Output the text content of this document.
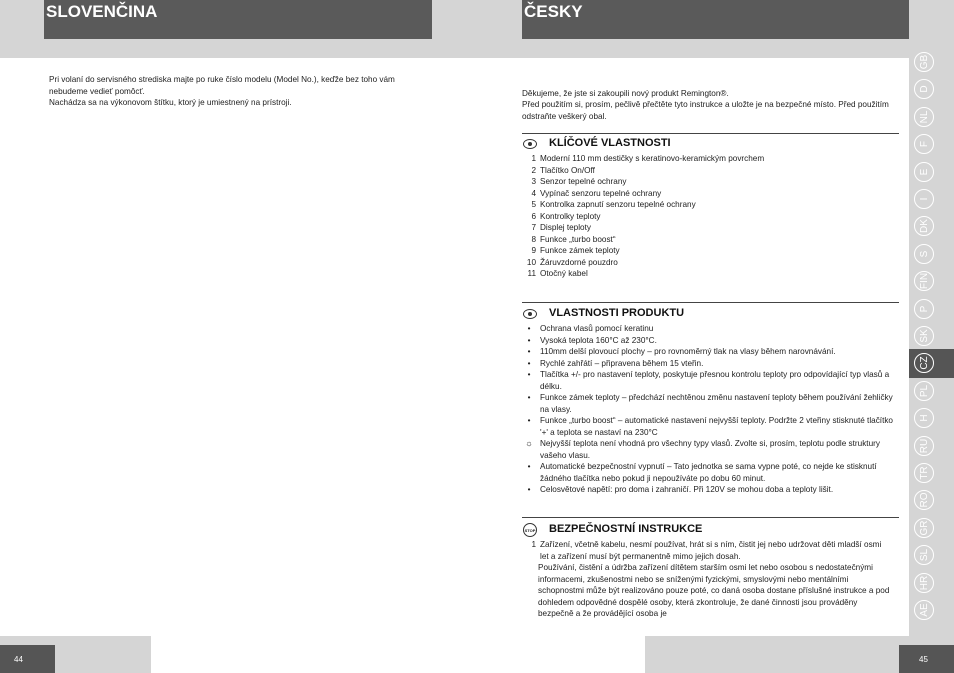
SLOVENČINA	ČESKY
Pri volaní do servisného strediska majte po ruke číslo modelu (Model No.), keďže bez toho vám nebudeme vedieť pomôcť.
Nachádza sa na výkonovom štítku, ktorý je umiestnený na prístroji.
Děkujeme, že jste si zakoupili nový produkt Remington®.
Před použitím si, prosím, pečlivě přečtěte tyto instrukce a uložte je na bezpečné místo. Před použitím odstraňte veškerý obal.
KLÍČOVÉ VLASTNOSTI
1 Moderní 110 mm destičky s keratinovo-keramickým povrchem
2 Tlačítko On/Off
3 Senzor tepelné ochrany
4 Vypínač senzoru tepelné ochrany
5 Kontrolka zapnutí senzoru tepelné ochrany
6 Kontrolky teploty
7 Displej teploty
8 Funkce „turbo boost“
9 Funkce zámek teploty
10 Žáruvzdorné pouzdro
11 Otočný kabel
VLASTNOSTI PRODUKTU
•	Ochrana vlasů pomocí keratinu
•	Vysoká teplota 160°C až 230°C.
•	110mm delší plovoucí plochy – pro rovnoměrný tlak na vlasy během narovnávání.
•	Rychlé zahřátí – připravena během 15 vteřin.
•	Tlačítka +/- pro nastavení teploty, poskytuje přesnou kontrolu teploty pro odpovídající typ vlasů a délku.
•	Funkce zámek teploty – předchází nechtěnou změnu nastavení teploty během používání žehličky na vlasy.
•	Funkce „turbo boost“ – automatické nastavení nejvyšší teploty. Podržte 2 vteřiny stisknuté tlačítko '+' a teplota se nastaví na 230°C
☼ Nejvyšší teplota není vhodná pro všechny typy vlasů. Zvolte si, prosím, teplotu podle struktury vašeho vlasu.
•	Automatické bezpečnostní vypnutí – Tato jednotka se sama vypne poté, co nejde ke stisknutí žádného tlačítka nebo pokud ji nepoužíváte po dobu 60 minut.
•	Celosvětové napětí: pro doma i zahraničí. Při 120V se mohou doba a teploty lišit.
STOP BEZPEČNOSTNÍ INSTRUKCE
1 Zařízení, včetně kabelu, nesmí používat, hrát si s ním, čistit jej nebo udržovat děti mladší osmi let a zařízení musí být permanentně mimo jejich dosah.
Používání, čistění a údržba zařízení dítětem starším osmi let nebo osobou s nedostatečnými informacemi, zkušenostmi nebo se sníženými fyzickými, smyslovými nebo mentálními schopnostmi může být realizováno pouze poté, co daná osoba dostane příslušné instrukce a pod dohledem odpovědné dospělé osoby, která zkontroluje, že dané činnosti jsou prováděny bezpečně a že provádějící osoba je
GB
D
NL
F
E
I
DK
S
FIN
P
SK
CZ
PL
H
RU
TR
RO
GR
SL
HR
AE
44	45
